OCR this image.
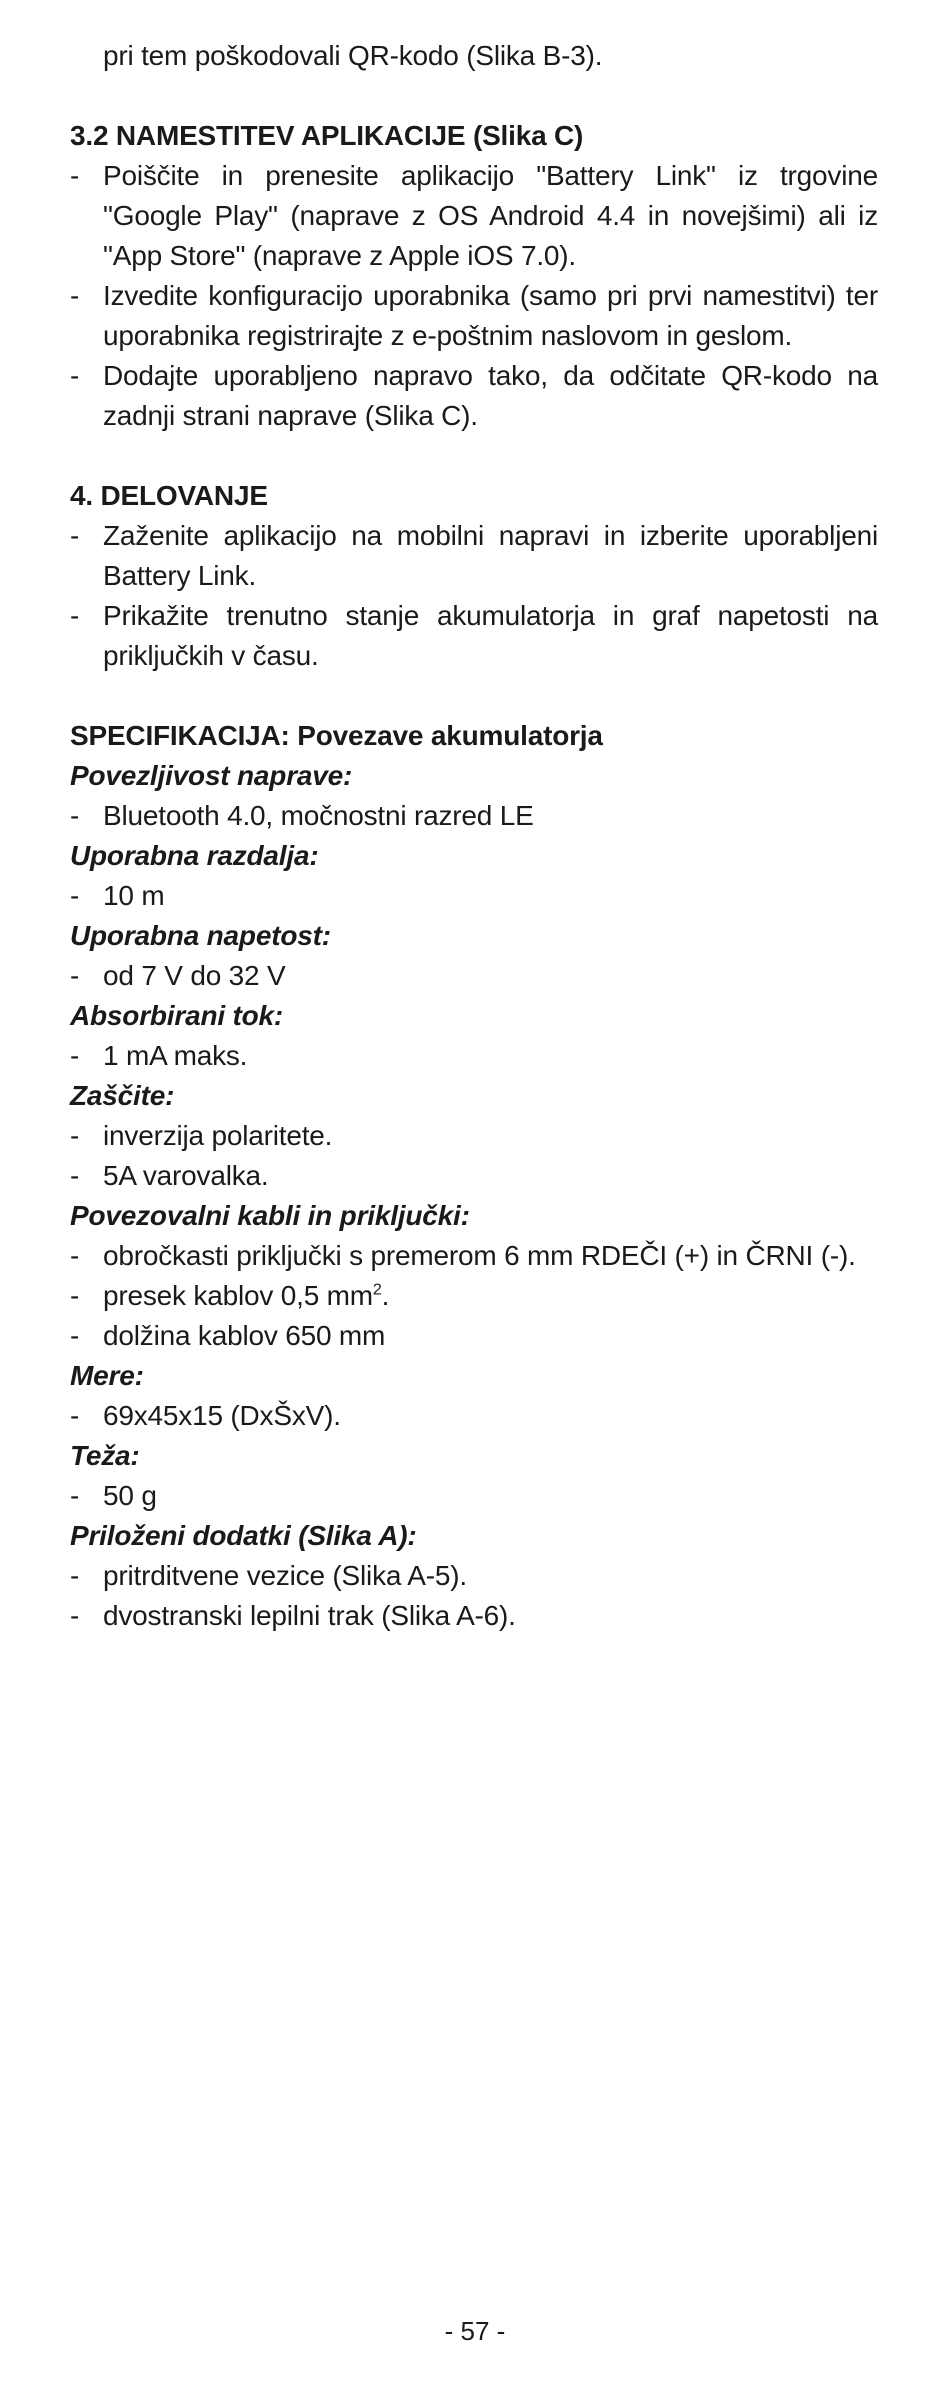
pri tem poškodovali QR-kodo (Slika B-3).
3.2 NAMESTITEV APLIKACIJE (Slika C)
- Poiščite in prenesite aplikacijo "Battery Link" iz trgovine "Google Play" (naprave z OS Android 4.4 in novejšimi) ali iz "App Store" (naprave z Apple iOS 7.0).
- Izvedite konfiguracijo uporabnika (samo pri prvi namestitvi) ter uporabnika registrirajte z e-poštnim naslovom in geslom.
- Dodajte uporabljeno napravo tako, da odčitate QR-kodo na zadnji strani naprave (Slika C).
4. DELOVANJE
- Zaženite aplikacijo na mobilni napravi in izberite uporabljeni Battery Link.
- Prikažite trenutno stanje akumulatorja in graf napetosti na priključkih v času.
SPECIFIKACIJA: Povezave akumulatorja
Povezljivost naprave:
- Bluetooth 4.0, močnostni razred LE
Uporabna razdalja:
- 10 m
Uporabna napetost:
- od 7 V do 32 V
Absorbirani tok:
- 1 mA maks.
Zaščite:
- inverzija polaritete.
- 5A varovalka.
Povezovalni kabli in priključki:
- obročkasti priključki s premerom 6 mm RDEČI (+) in ČRNI (-).
- presek kablov 0,5 $mm^2$.
- dolžina kablov 650 mm
Mere:
- 69x45x15 (DxŠxV).
Teža:
- 50 g
Priloženi dodatki (Slika A):
- pritrditvene vezice (Slika A-5).
- dvostranski lepilni trak (Slika A-6).
- 57 -
